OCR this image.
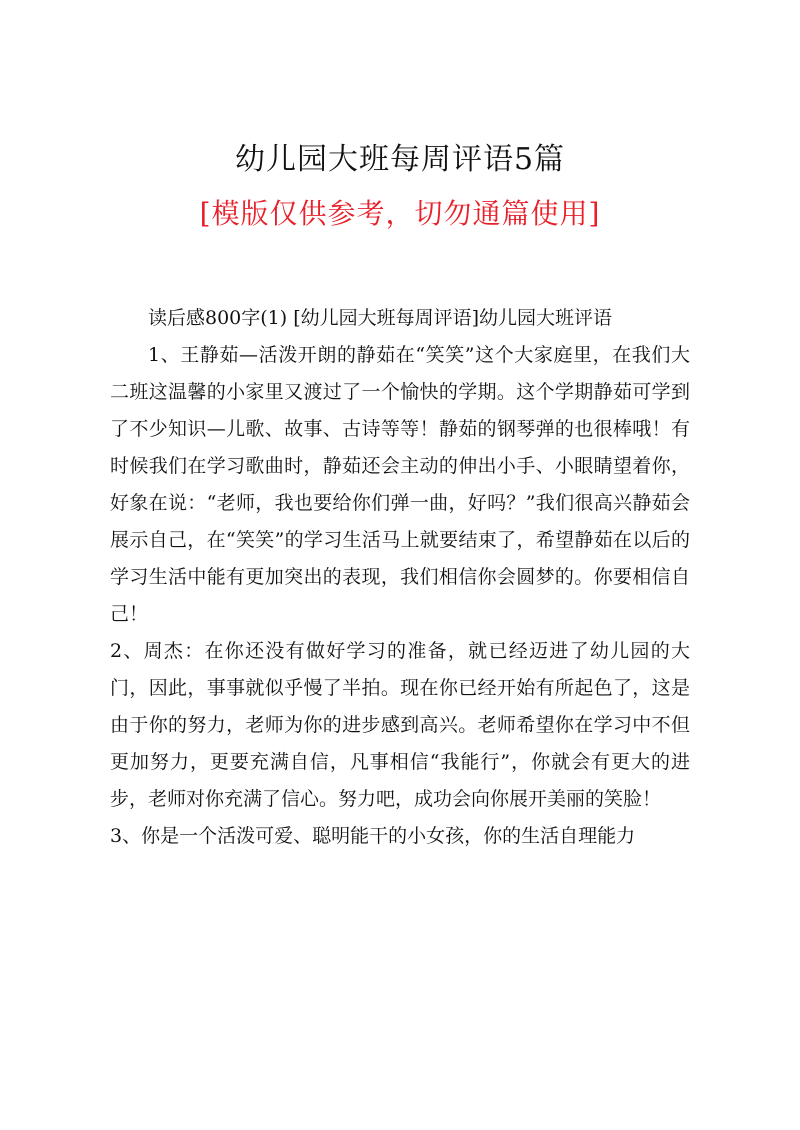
幼儿园大班每周评语5篇
[模版仅供参考，切勿通篇使用]

读后感800字(1) [幼儿园大班每周评语]幼儿园大班评语

1、王静茹—活泼开朗的静茹在“笑笑”这个大家庭里，在我们大二班这温馨的小家里又渡过了一个愉快的学期。这个学期静茹可学到了不少知识—儿歌、故事、古诗等等！静茹的钢琴弹的也很棒哦！有时候我们在学习歌曲时，静茹还会主动的伸出小手、小眼睛望着你，好象在说：“老师，我也要给你们弹一曲，好吗？”我们很高兴静茹会展示自己，在“笑笑”的学习生活马上就要结束了，希望静茹在以后的学习生活中能有更加突出的表现，我们相信你会圆梦的。你要相信自己！

2、周杰：在你还没有做好学习的准备，就已经迈进了幼儿园的大门，因此，事事就似乎慢了半拍。现在你已经开始有所起色了，这是由于你的努力，老师为你的进步感到高兴。老师希望你在学习中不但更加努力，更要充满自信，凡事相信“我能行”，你就会有更大的进步，老师对你充满了信心。努力吧，成功会向你展开美丽的笑脸！

3、你是一个活泼可爱、聪明能干的小女孩，你的生活自理能力
